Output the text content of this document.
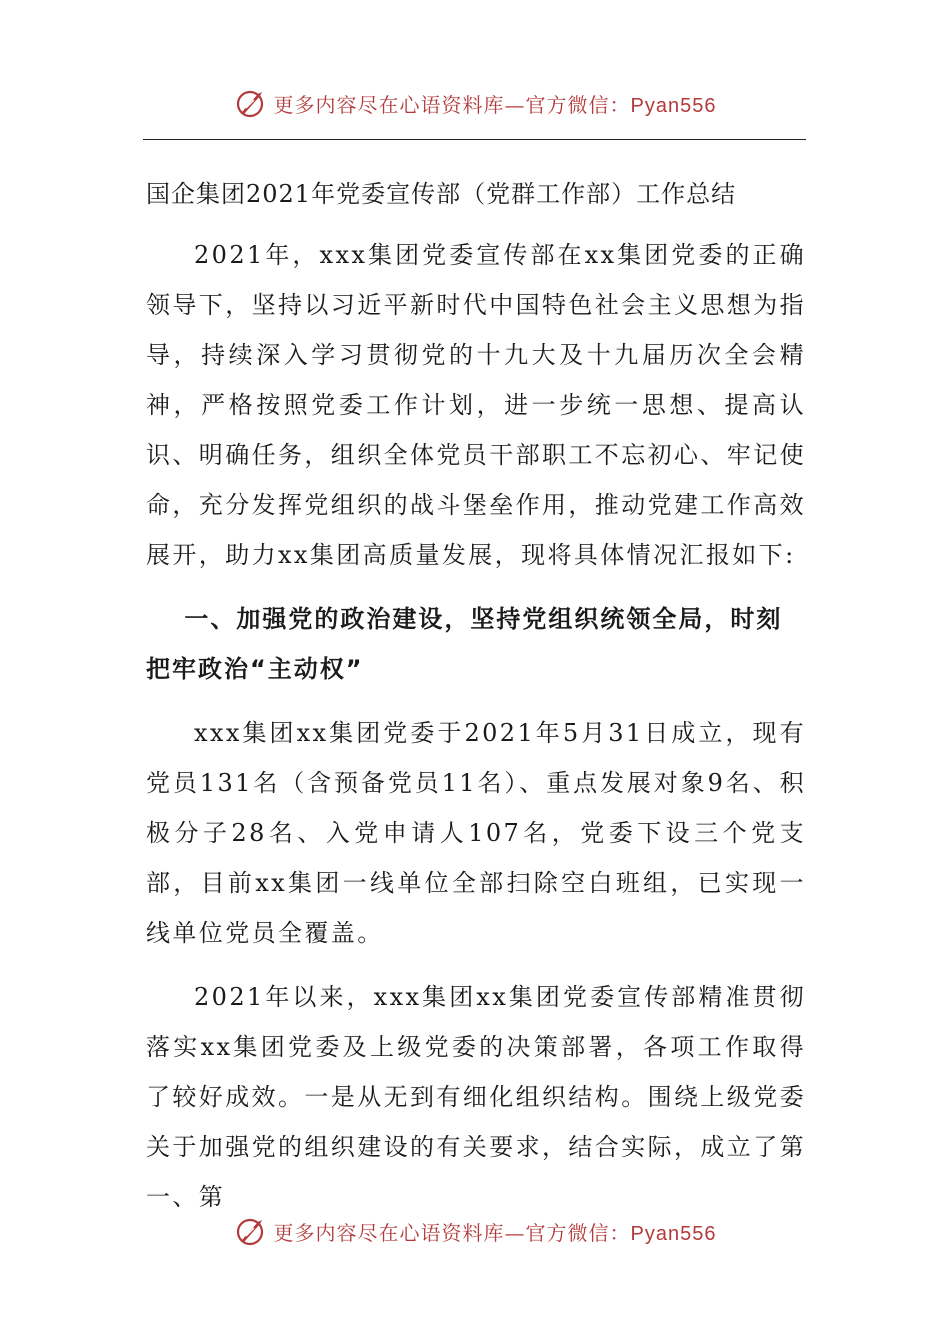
更多内容尽在心语资料库—官方微信：Pyan556
国企集团2021年党委宣传部（党群工作部）工作总结

2021年，xxx集团党委宣传部在xx集团党委的正确领导下，坚持以习近平新时代中国特色社会主义思想为指导，持续深入学习贯彻党的十九大及十九届历次全会精神，严格按照党委工作计划，进一步统一思想、提高认识、明确任务，组织全体党员干部职工不忘初心、牢记使命，充分发挥党组织的战斗堡垒作用，推动党建工作高效展开，助力xx集团高质量发展，现将具体情况汇报如下:

一、加强党的政治建设，坚持党组织统领全局，时刻把牢政治“主动权”

xxx集团xx集团党委于2021年5月31日成立，现有党员131名（含预备党员11名）、重点发展对象9名、积极分子28名、入党申请人107名，党委下设三个党支部，目前xx集团一线单位全部扫除空白班组，已实现一线单位党员全覆盖。

2021年以来，xxx集团xx集团党委宣传部精准贯彻落实xx集团党委及上级党委的决策部署，各项工作取得了较好成效。一是从无到有细化组织结构。围绕上级党委关于加强党的组织建设的有关要求，结合实际，成立了第一、第

更多内容尽在心语资料库—官方微信：Pyan556
